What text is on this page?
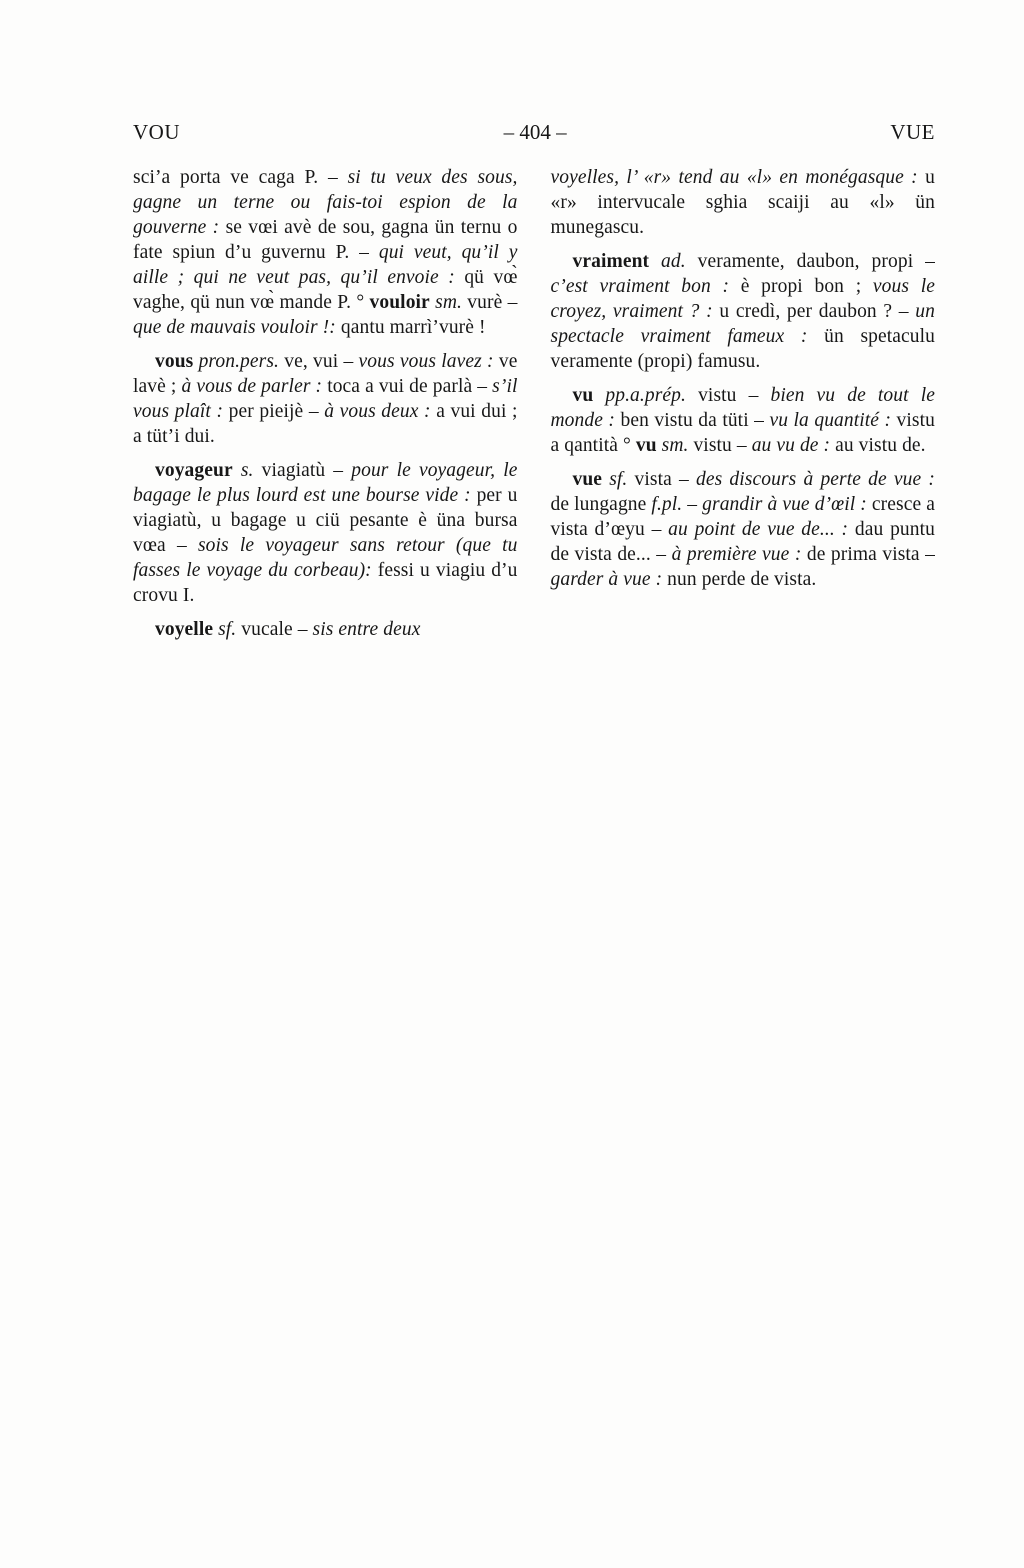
VOU	– 404 –	VUE

sci’a porta ve caga P. – si tu veux des sous, gagne un terne ou fais-toi espion de la gouverne : se vœi avè de sou, gagna ün ternu o fate spiun d’u guvernu P. – qui veut, qu’il y aille ; qui ne veut pas, qu’il envoie : qü vœ̀ vaghe, qü nun vœ̀ mande P. ° vouloir sm. vurè – que de mauvais vouloir !: qantu marrì’vurè !

vous pron.pers. ve, vui – vous vous lavez : ve lavè ; à vous de parler : toca a vui de parlà – s’il vous plaît : per pieijè – à vous deux : a vui dui ; a tüt’i dui.

voyageur s. viagiatù – pour le voyageur, le bagage le plus lourd est une bourse vide : per u viagiatù, u bagage u ciü pesante è üna bursa vœa – sois le voyageur sans retour (que tu fasses le voyage du corbeau): fessi u viagiu d’u crovu I.

voyelle sf. vucale – sis entre deux

voyelles, l’ «r» tend au «l» en monégasque : u «r» intervucale sghia scaiji au «l» ün munegascu.

vraiment ad. veramente, daubon, propi – c’est vraiment bon : è propi bon ; vous le croyez, vraiment ? : u credì, per daubon ? – un spectacle vraiment fameux : ün spetaculu veramente (propi) famusu.

vu pp.a.prép. vistu – bien vu de tout le monde : ben vistu da tüti – vu la quantité : vistu a qantità ° vu sm. vistu – au vu de : au vistu de.

vue sf. vista – des discours à perte de vue : de lungagne f.pl. – grandir à vue d’œil : cresce a vista d’œyu – au point de vue de... : dau puntu de vista de... – à première vue : de prima vista – garder à vue : nun perde de vista.
